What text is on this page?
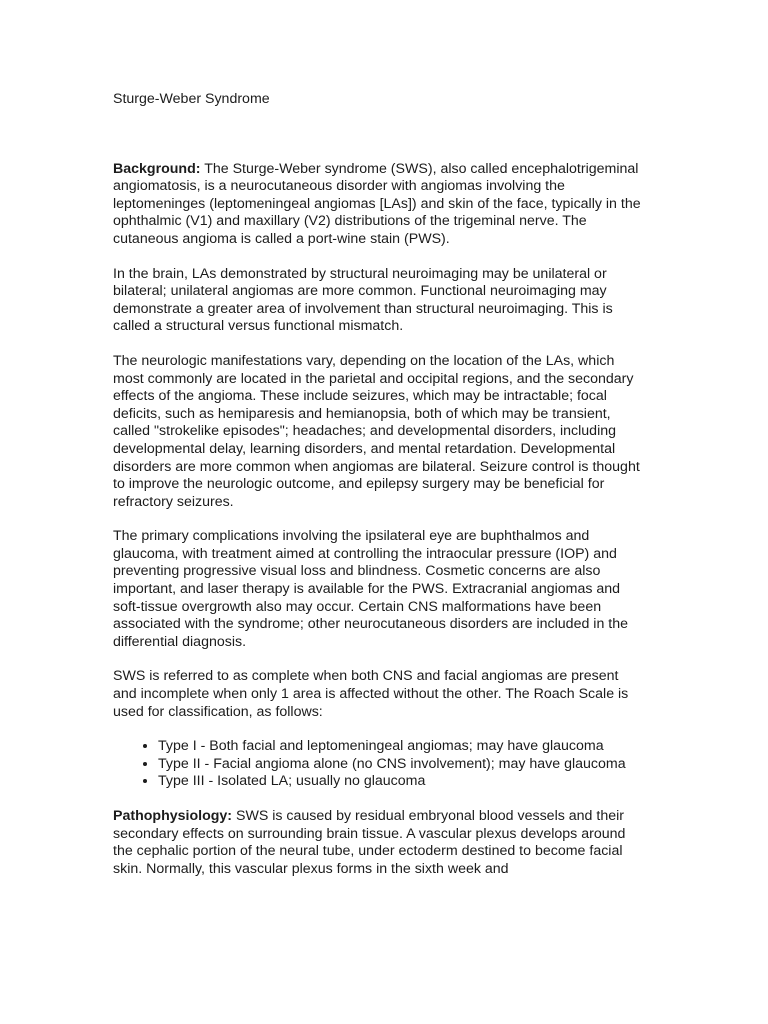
Sturge-Weber Syndrome

Background: The Sturge-Weber syndrome (SWS), also called encephalotrigeminal angiomatosis, is a neurocutaneous disorder with angiomas involving the leptomeninges (leptomeningeal angiomas [LAs]) and skin of the face, typically in the ophthalmic (V1) and maxillary (V2) distributions of the trigeminal nerve. The cutaneous angioma is called a port-wine stain (PWS).

In the brain, LAs demonstrated by structural neuroimaging may be unilateral or bilateral; unilateral angiomas are more common. Functional neuroimaging may demonstrate a greater area of involvement than structural neuroimaging. This is called a structural versus functional mismatch.

The neurologic manifestations vary, depending on the location of the LAs, which most commonly are located in the parietal and occipital regions, and the secondary effects of the angioma. These include seizures, which may be intractable; focal deficits, such as hemiparesis and hemianopsia, both of which may be transient, called "strokelike episodes"; headaches; and developmental disorders, including developmental delay, learning disorders, and mental retardation. Developmental disorders are more common when angiomas are bilateral. Seizure control is thought to improve the neurologic outcome, and epilepsy surgery may be beneficial for refractory seizures.

The primary complications involving the ipsilateral eye are buphthalmos and glaucoma, with treatment aimed at controlling the intraocular pressure (IOP) and preventing progressive visual loss and blindness. Cosmetic concerns are also important, and laser therapy is available for the PWS. Extracranial angiomas and soft-tissue overgrowth also may occur. Certain CNS malformations have been associated with the syndrome; other neurocutaneous disorders are included in the differential diagnosis.

SWS is referred to as complete when both CNS and facial angiomas are present and incomplete when only 1 area is affected without the other. The Roach Scale is used for classification, as follows:

• Type I - Both facial and leptomeningeal angiomas; may have glaucoma
• Type II - Facial angioma alone (no CNS involvement); may have glaucoma
• Type III - Isolated LA; usually no glaucoma

Pathophysiology: SWS is caused by residual embryonal blood vessels and their secondary effects on surrounding brain tissue. A vascular plexus develops around the cephalic portion of the neural tube, under ectoderm destined to become facial skin. Normally, this vascular plexus forms in the sixth week and
